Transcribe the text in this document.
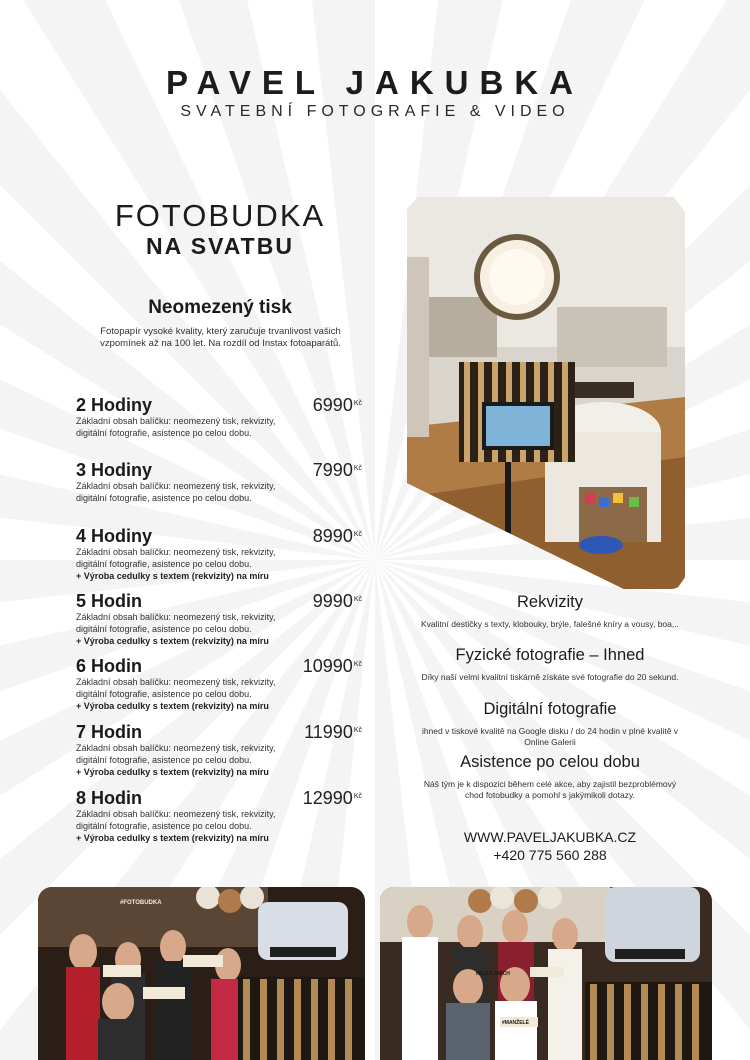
PAVEL JAKUBKA
SVATEBNÍ FOTOGRAFIE & VIDEO
FOTOBUDKA
NA SVATBU
Neomezený tisk
Fotopapír vysoké kvality, který zaručuje trvanlivost vašich
vzpomínek až na 100 let. Na rozdíl od Instax fotoaparátů.
2 Hodiny	$6990^{Kč}$
Základní obsah balíčku: neomezený tisk, rekvizity, digitální fotografie, asistence po celou dobu.
3 Hodiny	$7990^{Kč}$
Základní obsah balíčku: neomezený tisk, rekvizity, digitální fotografie, asistence po celou dobu.
4 Hodiny	$8990^{Kč}$
Základní obsah balíčku: neomezený tisk, rekvizity, digitální fotografie, asistence po celou dobu.
+ Výroba cedulky s textem (rekvizity) na míru
5 Hodin	$9990^{Kč}$
Základní obsah balíčku: neomezený tisk, rekvizity, digitální fotografie, asistence po celou dobu.
+ Výroba cedulky s textem (rekvizity) na míru
6 Hodin	$10990^{Kč}$
Základní obsah balíčku: neomezený tisk, rekvizity, digitální fotografie, asistence po celou dobu.
+ Výroba cedulky s textem (rekvizity) na míru
7 Hodin	$11990^{Kč}$
Základní obsah balíčku: neomezený tisk, rekvizity, digitální fotografie, asistence po celou dobu.
+ Výroba cedulky s textem (rekvizity) na míru
8 Hodin	$12990^{Kč}$
Základní obsah balíčku: neomezený tisk, rekvizity, digitální fotografie, asistence po celou dobu.
+ Výroba cedulky s textem (rekvizity) na míru
Rekvizity
Kvalitní destičky s texty, klobouky, brýle, falešné kníry a vousy, boa,..
Fyzické fotografie – Ihned
Díky naší velmi kvalitní tiskárně získáte své fotografie do 20 sekund.
Digitální fotografie
ihned v tiskové kvalitě na Google disku / do 24 hodin v plné kvalitě v Online Galerii
Asistence po celou dobu
Náš tým je k dispozici během celé akce, aby zajistil bezproblémový chod fotobudky a pomohl s jakýmikoli dotazy.
WWW.PAVELJAKUBKA.CZ
+420 775 560 288
#FOTOBUDKA
MILUJI SMÍCH
#MANŽELÉ
